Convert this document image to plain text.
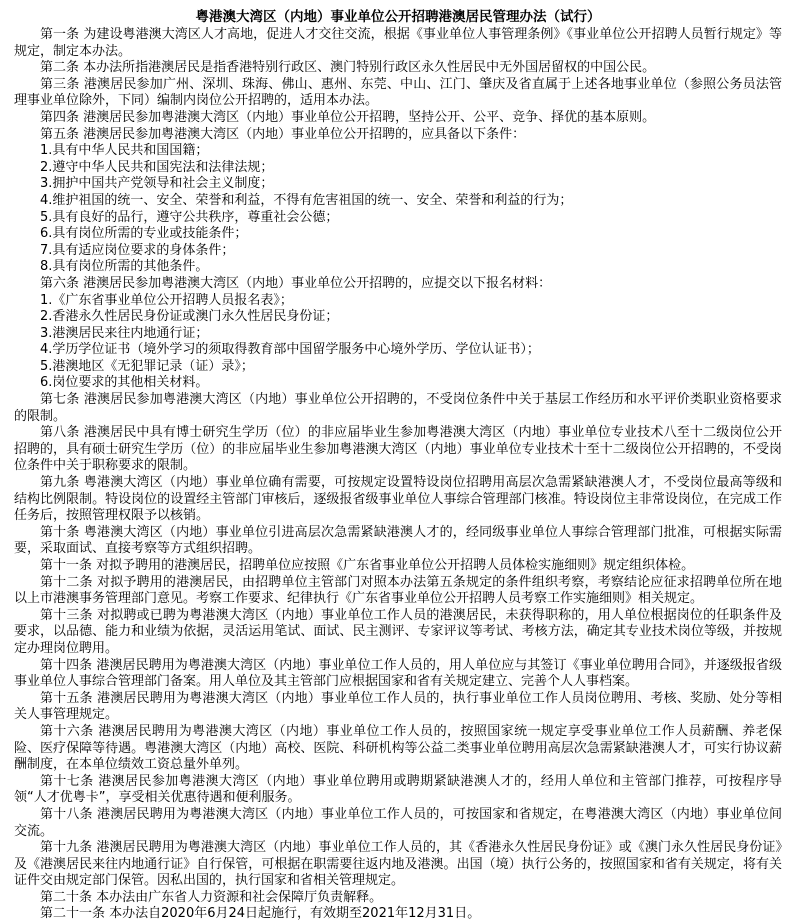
粤港澳大湾区（内地）事业单位公开招聘港澳居民管理办法（试行）

第一条 为建设粤港澳大湾区人才高地，促进人才交往交流，根据《事业单位人事管理条例》《事业单位公开招聘人员暂行规定》等规定，制定本办法。

第二条 本办法所指港澳居民是指香港特别行政区、澳门特别行政区永久性居民中无外国居留权的中国公民。

第三条 港澳居民参加广州、深圳、珠海、佛山、惠州、东莞、中山、江门、肇庆及省直属于上述各地事业单位（参照公务员法管理事业单位除外，下同）编制内岗位公开招聘的，适用本办法。

第四条 港澳居民参加粤港澳大湾区（内地）事业单位公开招聘，坚持公开、公平、竞争、择优的基本原则。

第五条 港澳居民参加粤港澳大湾区（内地）事业单位公开招聘的，应具备以下条件：

1.具有中华人民共和国国籍；

2.遵守中华人民共和国宪法和法律法规；

3.拥护中国共产党领导和社会主义制度；

4.维护祖国的统一、安全、荣誉和利益，不得有危害祖国的统一、安全、荣誉和利益的行为；

5.具有良好的品行，遵守公共秩序，尊重社会公德；

6.具有岗位所需的专业或技能条件；

7.具有适应岗位要求的身体条件；

8.具有岗位所需的其他条件。

第六条 港澳居民参加粤港澳大湾区（内地）事业单位公开招聘的，应提交以下报名材料：

1.《广东省事业单位公开招聘人员报名表》；

2.香港永久性居民身份证或澳门永久性居民身份证；

3.港澳居民来往内地通行证；

4.学历学位证书（境外学习的须取得教育部中国留学服务中心境外学历、学位认证书）；

5.港澳地区《无犯罪记录（证）录》；

6.岗位要求的其他相关材料。

第七条 港澳居民参加粤港澳大湾区（内地）事业单位公开招聘的，不受岗位条件中关于基层工作经历和水平评价类职业资格要求的限制。

第八条 港澳居民中具有博士研究生学历（位）的非应届毕业生参加粤港澳大湾区（内地）事业单位专业技术八至十二级岗位公开招聘的，具有硕士研究生学历（位）的非应届毕业生参加粤港澳大湾区（内地）事业单位专业技术十至十二级岗位公开招聘的，不受岗位条件中关于职称要求的限制。

第九条 粤港澳大湾区（内地）事业单位确有需要，可按规定设置特设岗位招聘用高层次急需紧缺港澳人才，不受岗位最高等级和结构比例限制。特设岗位的设置经主管部门审核后，逐级报省级事业单位人事综合管理部门核准。特设岗位主非常设岗位，在完成工作任务后，按照管理权限予以核销。

第十条 粤港澳大湾区（内地）事业单位引进高层次急需紧缺港澳人才的，经同级事业单位人事综合管理部门批准，可根据实际需要，采取面试、直接考察等方式组织招聘。

第十一条 对拟予聘用的港澳居民，招聘单位应按照《广东省事业单位公开招聘人员体检实施细则》规定组织体检。

第十二条 对拟予聘用的港澳居民，由招聘单位主管部门对照本办法第五条规定的条件组织考察，考察结论应征求招聘单位所在地以上市港澳事务管理部门意见。考察工作要求、纪律执行《广东省事业单位公开招聘人员考察工作实施细则》相关规定。

第十三条 对拟聘或已聘为粤港澳大湾区（内地）事业单位工作人员的港澳居民，未获得职称的，用人单位根据岗位的任职条件及要求，以品德、能力和业绩为依据，灵活运用笔试、面试、民主测评、专家评议等考试、考核方法，确定其专业技术岗位等级，并按规定办理岗位聘用。

第十四条 港澳居民聘用为粤港澳大湾区（内地）事业单位工作人员的，用人单位应与其签订《事业单位聘用合同》，并逐级报省级事业单位人事综合管理部门备案。用人单位及其主管部门应根据国家和省有关规定建立、完善个人人事档案。

第十五条 港澳居民聘用为粤港澳大湾区（内地）事业单位工作人员的，执行事业单位工作人员岗位聘用、考核、奖励、处分等相关人事管理规定。

第十六条 港澳居民聘用为粤港澳大湾区（内地）事业单位工作人员的，按照国家统一规定享受事业单位工作人员薪酬、养老保险、医疗保障等待遇。粤港澳大湾区（内地）高校、医院、科研机构等公益二类事业单位聘用高层次急需紧缺港澳人才，可实行协议薪酬制度，在本单位绩效工资总量外单列。

第十七条 港澳居民参加粤港澳大湾区（内地）事业单位聘用或聘期紧缺港澳人才的，经用人单位和主管部门推荐，可按程序导领“人才优粤卡”，享受相关优惠待遇和便利服务。

第十八条 港澳居民聘用为粤港澳大湾区（内地）事业单位工作人员的，可按国家和省规定，在粤港澳大湾区（内地）事业单位间交流。

第十九条 港澳居民聘用为粤港澳大湾区（内地）事业单位工作人员的，其《香港永久性居民身份证》或《澳门永久性居民身份证》及《港澳居民来往内地通行证》自行保管，可根据在职需要往返内地及港澳。出国（境）执行公务的，按照国家和省有关规定，将有关证件交由规定部门保管。因私出国的，执行国家和省相关管理规定。

第二十条 本办法由广东省人力资源和社会保障厅负责解释。

第二十一条 本办法自2020年6月24日起施行，有效期至2021年12月31日。
